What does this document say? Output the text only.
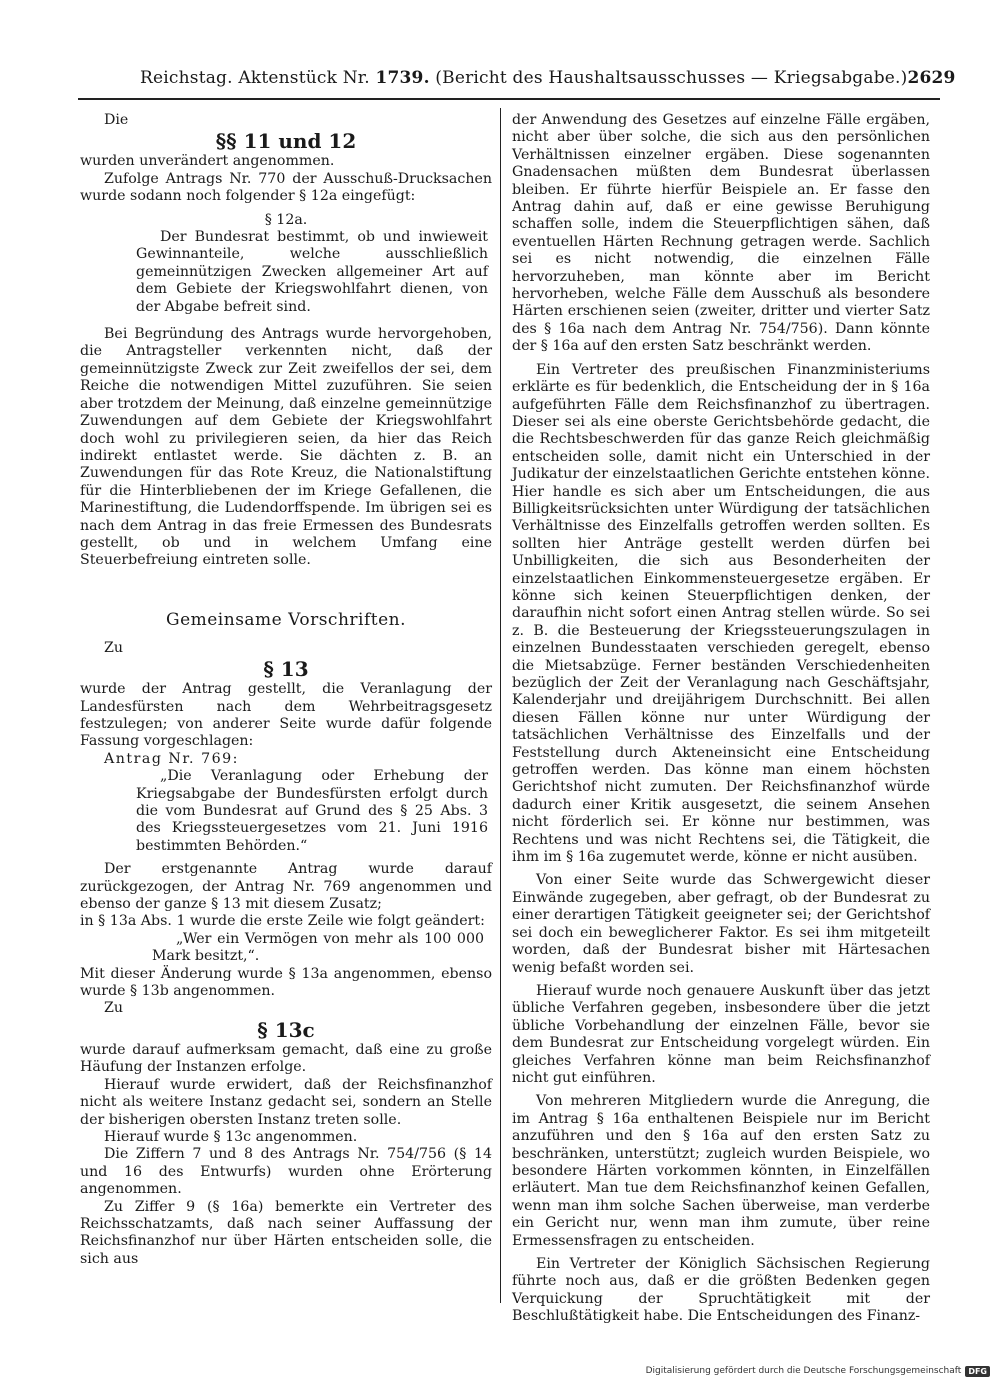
Reichstag. Aktenstück Nr. 1739. (Bericht des Haushaltsausschusses — Kriegsabgabe.) 2629

Die

§§ 11 und 12

wurden unverändert angenommen.

Zufolge Antrags Nr. 770 der Ausschuß-Drucksachen wurde sodann noch folgender § 12a eingefügt:

§ 12a.

Der Bundesrat bestimmt, ob und inwieweit Gewinnanteile, welche ausschließlich gemeinnützigen Zwecken allgemeiner Art auf dem Gebiete der Kriegswohlfahrt dienen, von der Abgabe befreit sind.

Bei Begründung des Antrags wurde hervorgehoben, die Antragsteller verkennten nicht, daß der gemeinnützigste Zweck zur Zeit zweifellos der sei, dem Reiche die notwendigen Mittel zuzuführen. Sie seien aber trotzdem der Meinung, daß einzelne gemeinnützige Zuwendungen auf dem Gebiete der Kriegswohlfahrt doch wohl zu privilegieren seien, da hier das Reich indirekt entlastet werde. Sie dächten z. B. an Zuwendungen für das Rote Kreuz, die Nationalstiftung für die Hinterbliebenen der im Kriege Gefallenen, die Marinestiftung, die Ludendorffspende. Im übrigen sei es nach dem Antrag in das freie Ermessen des Bundesrats gestellt, ob und in welchem Umfang eine Steuerbefreiung eintreten solle.

Gemeinsame Vorschriften.

Zu

§ 13

wurde der Antrag gestellt, die Veranlagung der Landesfürsten nach dem Wehrbeitragsgesetz festzulegen; von anderer Seite wurde dafür folgende Fassung vorgeschlagen:

Antrag Nr. 769:

„Die Veranlagung oder Erhebung der Kriegsabgabe der Bundesfürsten erfolgt durch die vom Bundesrat auf Grund des § 25 Abs. 3 des Kriegssteuergesetzes vom 21. Juni 1916 bestimmten Behörden.“

Der erstgenannte Antrag wurde darauf zurückgezogen, der Antrag Nr. 769 angenommen und ebenso der ganze § 13 mit diesem Zusatz;

in § 13a Abs. 1 wurde die erste Zeile wie folgt geändert:

„Wer ein Vermögen von mehr als 100 000 Mark besitzt,“.

Mit dieser Änderung wurde § 13a angenommen, ebenso wurde § 13b angenommen.

Zu

§ 13c

wurde darauf aufmerksam gemacht, daß eine zu große Häufung der Instanzen erfolge.

Hierauf wurde erwidert, daß der Reichsfinanzhof nicht als weitere Instanz gedacht sei, sondern an Stelle der bisherigen obersten Instanz treten solle.

Hierauf wurde § 13c angenommen.

Die Ziffern 7 und 8 des Antrags Nr. 754/756 (§ 14 und 16 des Entwurfs) wurden ohne Erörterung angenommen.

Zu Ziffer 9 (§ 16a) bemerkte ein Vertreter des Reichsschatzamts, daß nach seiner Auffassung der Reichsfinanzhof nur über Härten entscheiden solle, die sich aus

der Anwendung des Gesetzes auf einzelne Fälle ergäben, nicht aber über solche, die sich aus den persönlichen Verhältnissen einzelner ergäben. Diese sogenannten Gnadensachen müßten dem Bundesrat überlassen bleiben. Er führte hierfür Beispiele an. Er fasse den Antrag dahin auf, daß er eine gewisse Beruhigung schaffen solle, indem die Steuerpflichtigen sähen, daß eventuellen Härten Rechnung getragen werde. Sachlich sei es nicht notwendig, die einzelnen Fälle hervorzuheben, man könnte aber im Bericht hervorheben, welche Fälle dem Ausschuß als besondere Härten erschienen seien (zweiter, dritter und vierter Satz des § 16a nach dem Antrag Nr. 754/756). Dann könnte der § 16a auf den ersten Satz beschränkt werden.

Ein Vertreter des preußischen Finanzministeriums erklärte es für bedenklich, die Entscheidung der in § 16a aufgeführten Fälle dem Reichsfinanzhof zu übertragen. Dieser sei als eine oberste Gerichtsbehörde gedacht, die die Rechtsbeschwerden für das ganze Reich gleichmäßig entscheiden solle, damit nicht ein Unterschied in der Judikatur der einzelstaatlichen Gerichte entstehen könne. Hier handle es sich aber um Entscheidungen, die aus Billigkeitsrücksichten unter Würdigung der tatsächlichen Verhältnisse des Einzelfalls getroffen werden sollten. Es sollten hier Anträge gestellt werden dürfen bei Unbilligkeiten, die sich aus Besonderheiten der einzelstaatlichen Einkommensteuergesetze ergäben. Er könne sich keinen Steuerpflichtigen denken, der daraufhin nicht sofort einen Antrag stellen würde. So sei z. B. die Besteuerung der Kriegssteuerungszulagen in einzelnen Bundesstaaten verschieden geregelt, ebenso die Mietsabzüge. Ferner beständen Verschiedenheiten bezüglich der Zeit der Veranlagung nach Geschäftsjahr, Kalenderjahr und dreijährigem Durchschnitt. Bei allen diesen Fällen könne nur unter Würdigung der tatsächlichen Verhältnisse des Einzelfalls und der Feststellung durch Akteneinsicht eine Entscheidung getroffen werden. Das könne man einem höchsten Gerichtshof nicht zumuten. Der Reichsfinanzhof würde dadurch einer Kritik ausgesetzt, die seinem Ansehen nicht förderlich sei. Er könne nur bestimmen, was Rechtens und was nicht Rechtens sei, die Tätigkeit, die ihm im § 16a zugemutet werde, könne er nicht ausüben.

Von einer Seite wurde das Schwergewicht dieser Einwände zugegeben, aber gefragt, ob der Bundesrat zu einer derartigen Tätigkeit geeigneter sei; der Gerichtshof sei doch ein beweglicherer Faktor. Es sei ihm mitgeteilt worden, daß der Bundesrat bisher mit Härtesachen wenig befaßt worden sei.

Hierauf wurde noch genauere Auskunft über das jetzt übliche Verfahren gegeben, insbesondere über die jetzt übliche Vorbehandlung der einzelnen Fälle, bevor sie dem Bundesrat zur Entscheidung vorgelegt würden. Ein gleiches Verfahren könne man beim Reichsfinanzhof nicht gut einführen.

Von mehreren Mitgliedern wurde die Anregung, die im Antrag § 16a enthaltenen Beispiele nur im Bericht anzuführen und den § 16a auf den ersten Satz zu beschränken, unterstützt; zugleich wurden Beispiele, wo besondere Härten vorkommen könnten, in Einzelfällen erläutert. Man tue dem Reichsfinanzhof keinen Gefallen, wenn man ihm solche Sachen überweise, man verderbe ein Gericht nur, wenn man ihm zumute, über reine Ermessensfragen zu entscheiden.

Ein Vertreter der Königlich Sächsischen Regierung führte noch aus, daß er die größten Bedenken gegen Verquickung der Spruchtätigkeit mit der Beschlußtätigkeit habe. Die Entscheidungen des Finanz-

Digitalisierung gefördert durch die Deutsche Forschungsgemeinschaft DFG
